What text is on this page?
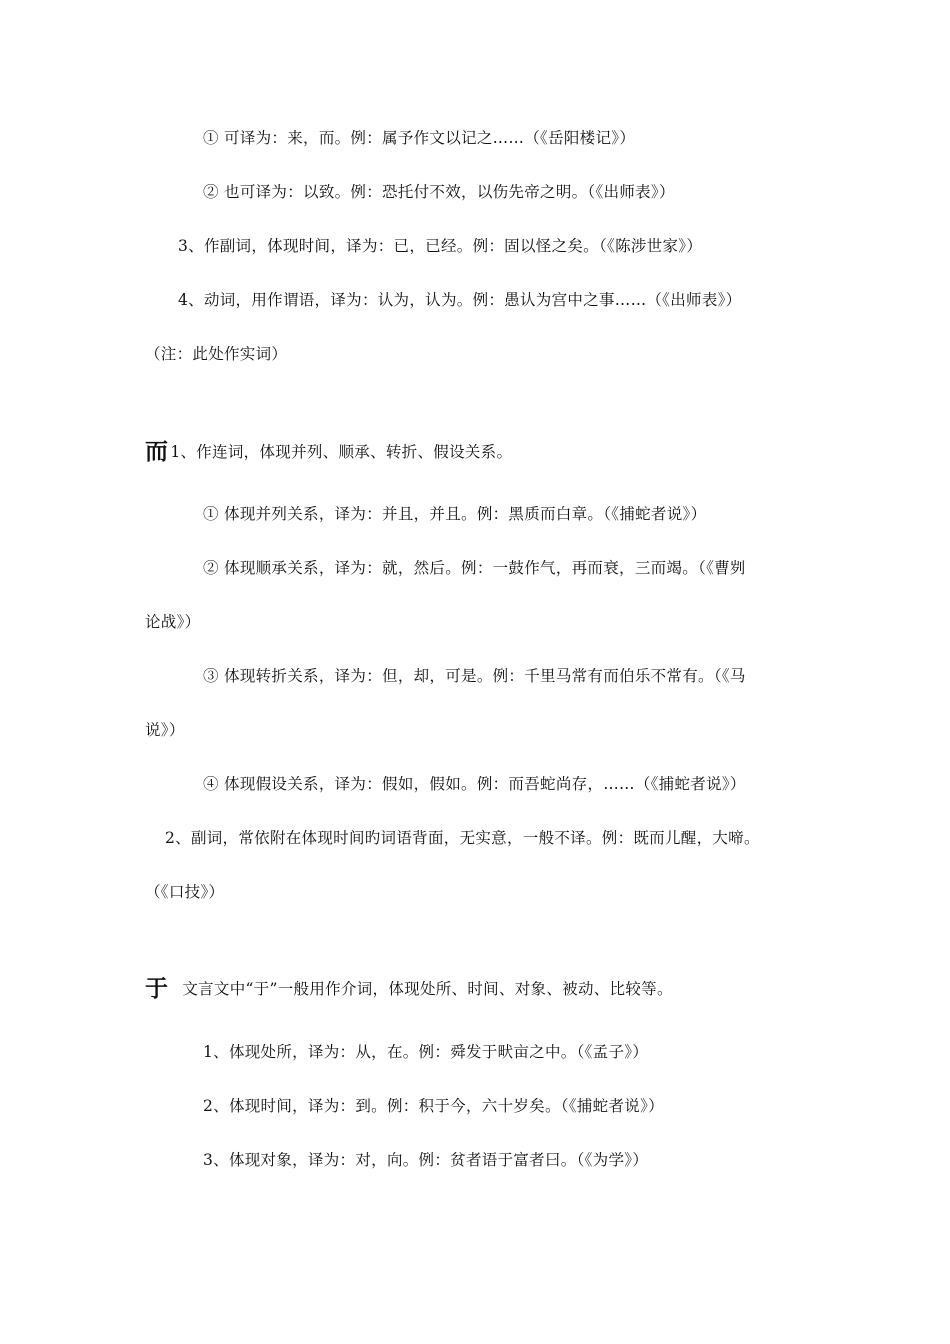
① 可译为：来，而。例：属予作文以记之……（《岳阳楼记》）
② 也可译为：以致。例：恐托付不效，以伤先帝之明。（《出师表》）
3、作副词，体现时间，译为：已，已经。例：固以怪之矣。（《陈涉世家》）
4、动词，用作谓语，译为：认为，认为。例：愚认为宫中之事……（《出师表》）
（注：此处作实词）
而 1、作连词，体现并列、顺承、转折、假设关系。
① 体现并列关系，译为：并且，并且。例：黑质而白章。（《捕蛇者说》）
② 体现顺承关系，译为：就，然后。例：一鼓作气，再而衰，三而竭。（《曹刿
论战》）
③ 体现转折关系，译为：但，却，可是。例：千里马常有而伯乐不常有。（《马
说》）
④ 体现假设关系，译为：假如，假如。例：而吾蛇尚存，……（《捕蛇者说》）
2、副词，常依附在体现时间旳词语背面，无实意，一般不译。例：既而儿醒，大啼。
（《口技》）
于 文言文中“于”一般用作介词，体现处所、时间、对象、被动、比较等。
1、体现处所，译为：从，在。例：舜发于畎亩之中。（《孟子》）
2、体现时间，译为：到。例：积于今，六十岁矣。（《捕蛇者说》）
3、体现对象，译为：对，向。例：贫者语于富者曰。（《为学》）
